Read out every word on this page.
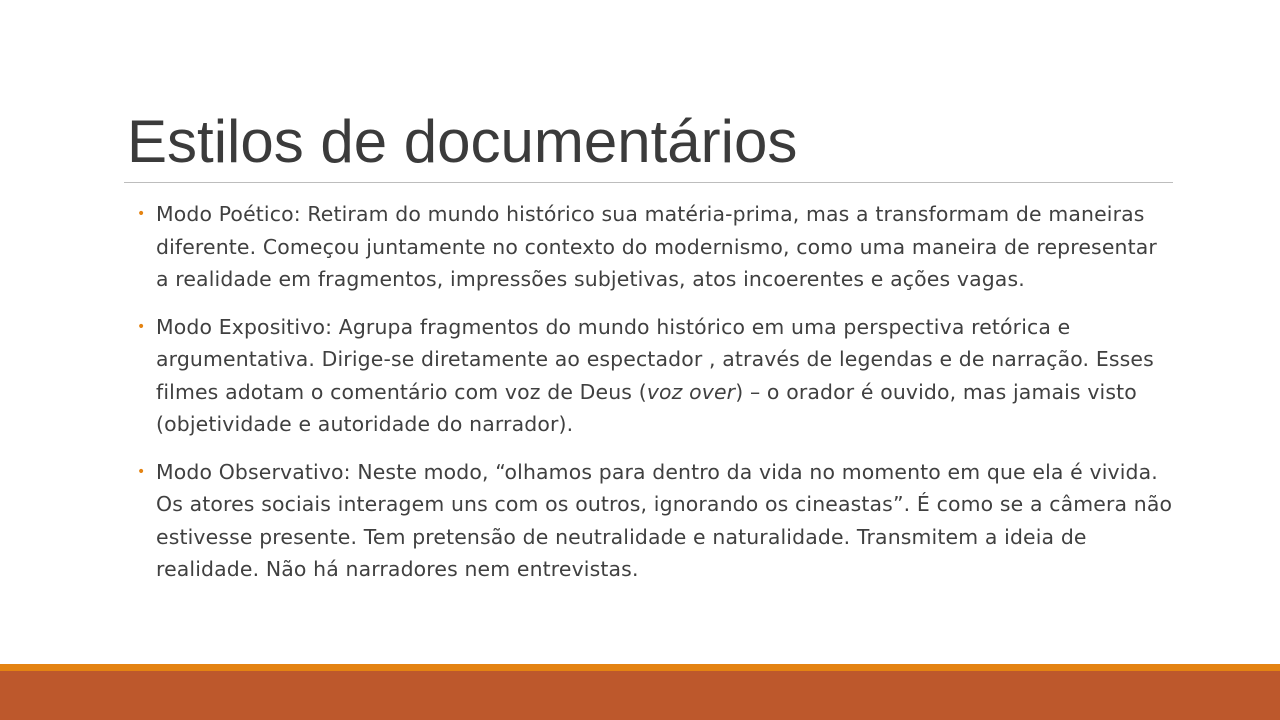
Estilos de documentários
• Modo Poético: Retiram do mundo histórico sua matéria-prima, mas a transformam de maneiras diferente. Começou juntamente no contexto do modernismo, como uma maneira de representar a realidade em fragmentos, impressões subjetivas, atos incoerentes e ações vagas.
• Modo Expositivo: Agrupa fragmentos do mundo histórico em uma perspectiva retórica e argumentativa. Dirige-se diretamente ao espectador , através de legendas e de narração. Esses filmes adotam o comentário com voz de Deus (voz over) – o orador é ouvido, mas jamais visto (objetividade e autoridade do narrador).
• Modo Observativo: Neste modo, “olhamos para dentro da vida no momento em que ela é vivida. Os atores sociais interagem uns com os outros, ignorando os cineastas”. É como se a câmera não estivesse presente. Tem pretensão de neutralidade e naturalidade. Transmitem a ideia de realidade. Não há narradores nem entrevistas.
